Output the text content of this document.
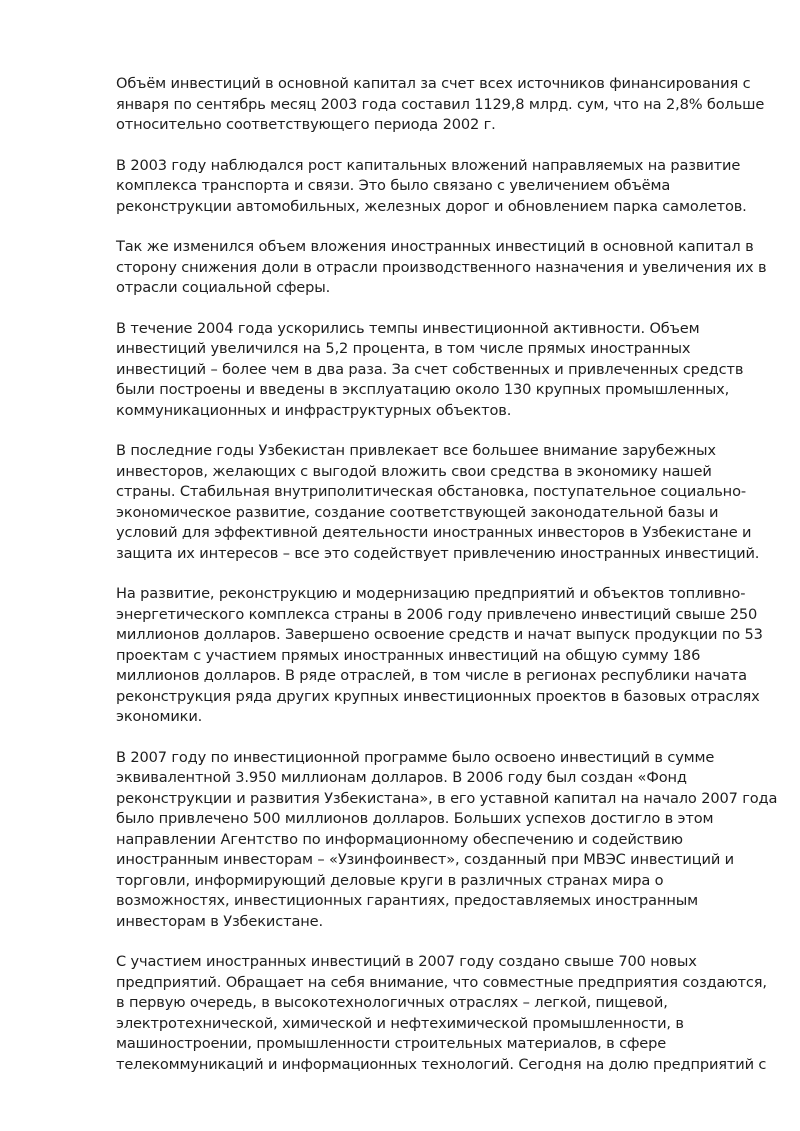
Объём инвестиций в основной капитал за счет всех источников финансирования с
января по сентябрь месяц 2003 года составил 1129,8 млрд. сум, что на 2,8% больше
относительно соответствующего периода 2002 г.
В 2003 году наблюдался рост капитальных вложений направляемых на развитие
комплекса транспорта и связи. Это было связано с увеличением объёма
реконструкции автомобильных, железных дорог и обновлением парка самолетов.
Так же изменился объем вложения иностранных инвестиций в основной капитал в
сторону снижения доли в отрасли производственного назначения и увеличения их в
отрасли социальной сферы.
В течение 2004 года ускорились темпы инвестиционной активности. Объем
инвестиций увеличился на 5,2 процента, в том числе прямых иностранных
инвестиций – более чем в два раза. За счет собственных и привлеченных средств
были построены и введены в эксплуатацию около 130 крупных промышленных,
коммуникационных и инфраструктурных объектов.
В последние годы Узбекистан привлекает все большее внимание зарубежных
инвесторов, желающих с выгодой вложить свои средства в экономику нашей
страны. Стабильная внутриполитическая обстановка, поступательное социально-
экономическое развитие, создание соответствующей законодательной базы и
условий для эффективной деятельности иностранных инвесторов в Узбекистане и
защита их интересов – все это содействует привлечению иностранных инвестиций.
На развитие, реконструкцию и модернизацию предприятий и объектов топливно-
энергетического комплекса страны в 2006 году привлечено инвестиций свыше 250
миллионов долларов. Завершено освоение средств и начат выпуск продукции по 53
проектам с участием прямых иностранных инвестиций на общую сумму 186
миллионов долларов. В ряде отраслей, в том числе в регионах республики начата
реконструкция ряда других крупных инвестиционных проектов в базовых отраслях
экономики.
В 2007 году по инвестиционной программе было освоено инвестиций в сумме
эквивалентной 3.950 миллионам долларов. В 2006 году был создан «Фонд
реконструкции и развития Узбекистана», в его уставной капитал на начало 2007 года
было привлечено 500 миллионов долларов. Больших успехов достигло в этом
направлении Агентство по информационному обеспечению и содействию
иностранным инвесторам – «Узинфоинвест», созданный при МВЭС инвестиций и
торговли, информирующий деловые круги в различных странах мира о
возможностях, инвестиционных гарантиях, предоставляемых иностранным
инвесторам в Узбекистане.
С участием иностранных инвестиций в 2007 году создано свыше 700 новых
предприятий. Обращает на себя внимание, что совместные предприятия создаются,
в первую очередь, в высокотехнологичных отраслях – легкой, пищевой,
электротехнической, химической и нефтехимической промышленности, в
машиностроении, промышленности строительных материалов, в сфере
телекоммуникаций и информационных технологий. Сегодня на долю предприятий с
